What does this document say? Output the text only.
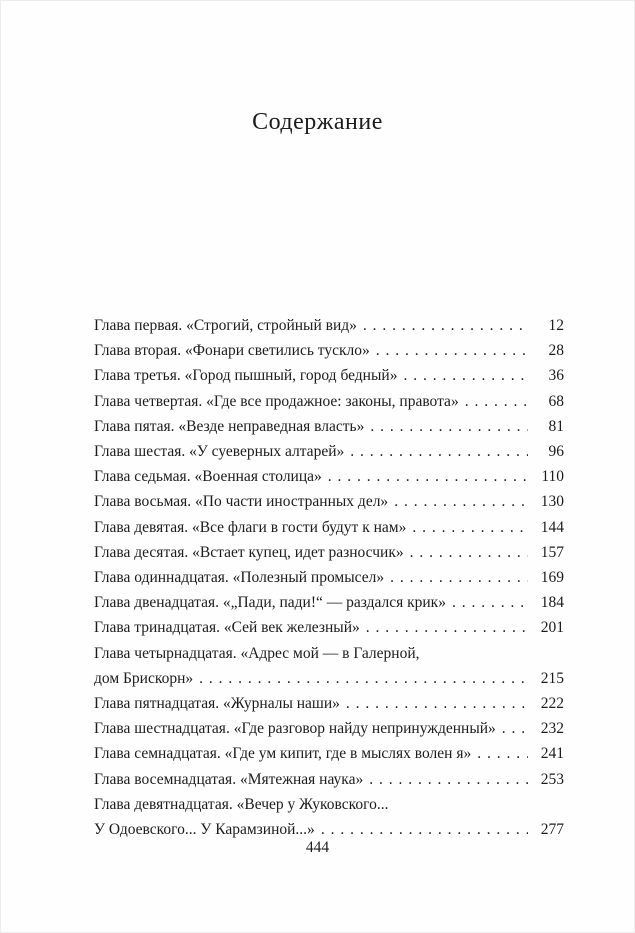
Содержание
Глава первая. «Строгий, стройный вид» . . .	12
Глава вторая. «Фонари светились тускло» . . .	28
Глава третья. «Город пышный, город бедный» . . .	36
Глава четвертая. «Где все продажное: законы, правота» . . .	68
Глава пятая. «Везде неправедная власть» . . .	81
Глава шестая. «У суеверных алтарей» . . .	96
Глава седьмая. «Военная столица» . . .	110
Глава восьмая. «По части иностранных дел» . . .	130
Глава девятая. «Все флаги в гости будут к нам» . . .	144
Глава десятая. «Встает купец, идет разносчик» . . .	157
Глава одиннадцатая. «Полезный промысел» . . .	169
Глава двенадцатая. «„Пади, пади!“ — раздался крик» . . .	184
Глава тринадцатая. «Сей век железный» . . .	201
Глава четырнадцатая. «Адрес мой — в Галерной,
дом Брискорн» . . .	215
Глава пятнадцатая. «Журналы наши» . . .	222
Глава шестнадцатая. «Где разговор найду непринужденный» . . .	232
Глава семнадцатая. «Где ум кипит, где в мыслях волен я» . . .	241
Глава восемнадцатая. «Мятежная наука» . . .	253
Глава девятнадцатая. «Вечер у Жуковского...
У Одоевского... У Карамзиной...» . . .	277
444
